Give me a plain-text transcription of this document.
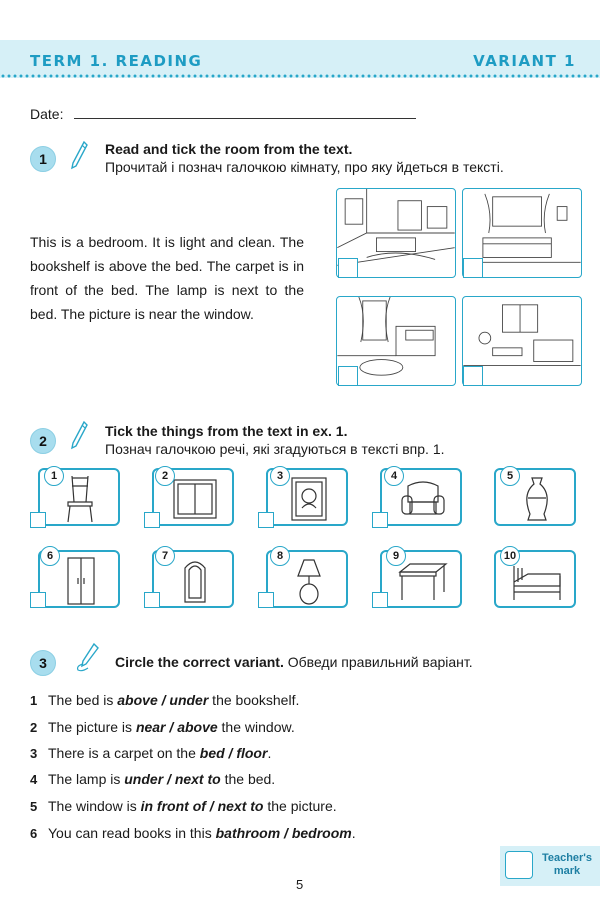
TERM 1. READING	VARIANT 1
Date:
1
Read and tick the room from the text.
Прочитай і познач галочкою кімнату, про яку йдеться в тексті.
This is a bedroom. It is light and clean. The bookshelf is above the bed. The carpet is in front of the bed. The lamp is next to the bed. The picture is near the window.
2
Tick the things from the text in ex. 1.
Познач галочкою речі, які згадуються в тексті впр. 1.
1	2	3	4	5
6	7	8	9	10
3	Circle the correct variant. Обведи правильний варіант.
1 The bed is above / under the bookshelf.
2 The picture is near / above the window.
3 There is a carpet on the bed / floor.
4 The lamp is under / next to the bed.
5 The window is in front of / next to the picture.
6 You can read books in this bathroom / bedroom.
5
Teacher's
mark
